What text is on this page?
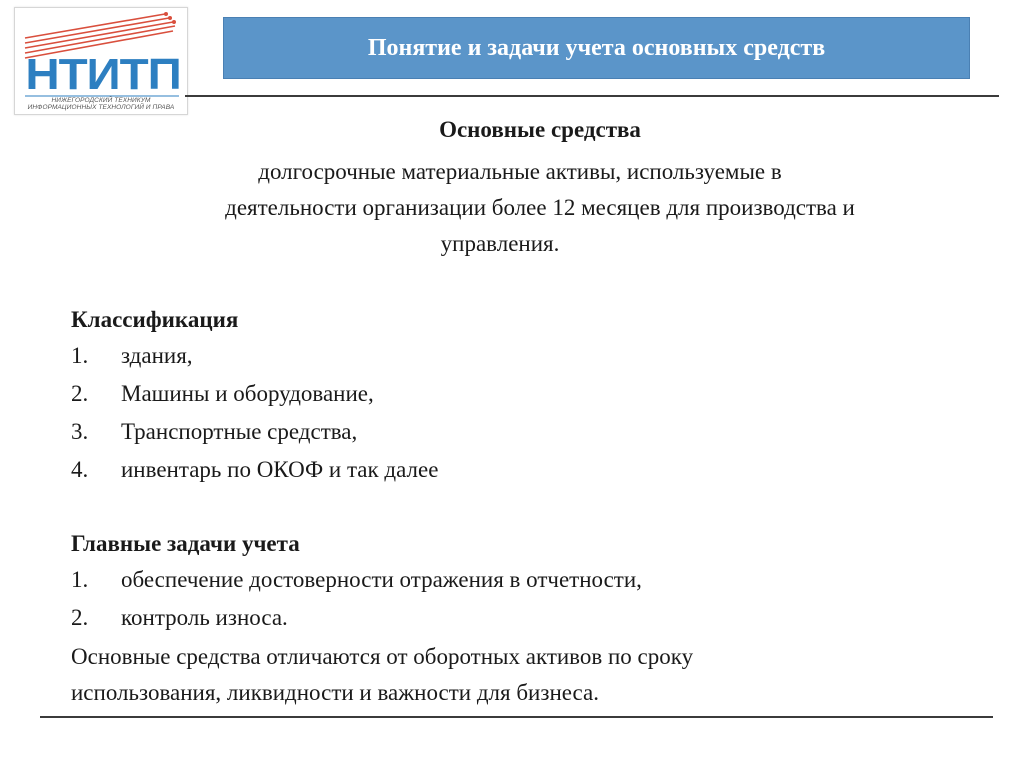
НТИТП
НИЖЕГОРОДСКИЙ ТЕХНИКУМ
ИНФОРМАЦИОННЫХ ТЕХНОЛОГИЙ И ПРАВА
Понятие и задачи учета основных средств
Основные средства
долгосрочные материальные активы, используемые в
деятельности организации более 12 месяцев для производства и
управления.
Классификация
1. здания,
2. Машины и оборудование,
3. Транспортные средства,
4. инвентарь по ОКОФ и так далее
Главные задачи учета
1. обеспечение достоверности отражения в отчетности,
2. контроль износа.
Основные средства отличаются от оборотных активов по сроку
использования, ликвидности и важности для бизнеса.
